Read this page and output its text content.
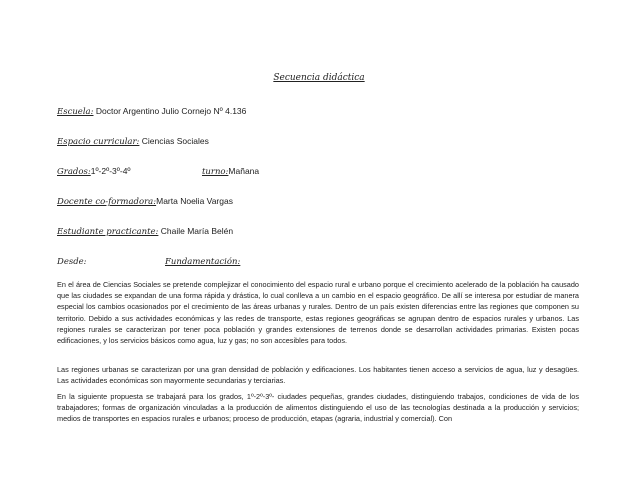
Secuencia didáctica
Escuela: Doctor Argentino Julio Cornejo Nº 4.136
Espacio curricular: Ciencias Sociales
Grados:1º-2º-3º-4º	turno:Mañana
Docente co-formadora:Marta Noelia Vargas
Estudiante practicante: Chaile María Belén
Desde:	Fundamentación:

En el área de Ciencias Sociales se pretende complejizar el conocimiento del espacio rural e urbano porque el crecimiento acelerado de la población ha causado que las ciudades se expandan de una forma rápida y drástica, lo cual conlleva a un cambio en el espacio geográfico. De allí se interesa por estudiar de manera especial los cambios ocasionados por el crecimiento de las áreas urbanas y rurales. Dentro de un país existen diferencias entre las regiones que componen su territorio. Debido a sus actividades económicas y las redes de transporte, estas regiones geográficas se agrupan dentro de espacios rurales y urbanos. Las regiones rurales se caracterizan por tener poca población y grandes extensiones de terrenos donde se desarrollan actividades primarias. Existen pocas edificaciones, y los servicios básicos como agua, luz y gas; no son accesibles para todos.

Las regiones urbanas se caracterizan por una gran densidad de población y edificaciones. Los habitantes tienen acceso a servicios de agua, luz y desagües. Las actividades económicas son mayormente secundarias y terciarias.

En la siguiente propuesta se trabajará para los grados, 1º-2º-3º- ciudades pequeñas, grandes ciudades, distinguiendo trabajos, condiciones de vida de los trabajadores; formas de organización vinculadas a la producción de alimentos distinguiendo el uso de las tecnologías destinada a la producción y servicios; medios de transportes en espacios rurales e urbanos; proceso de producción, etapas (agraria, industrial y comercial). Con
